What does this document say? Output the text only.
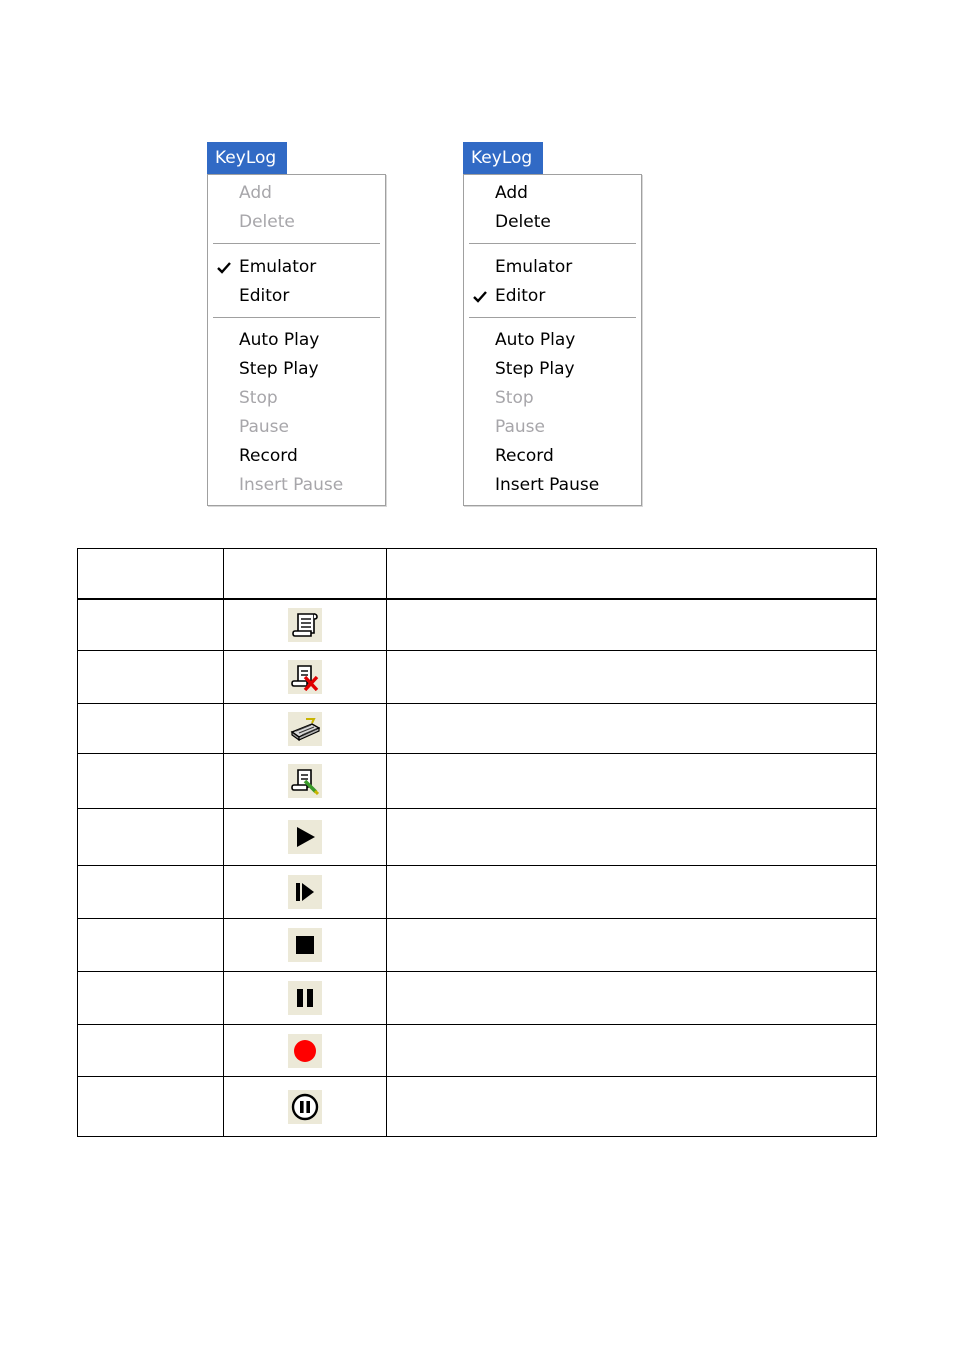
KeyLog
Add
Delete
Emulator
Editor
Auto Play
Step Play
Stop
Pause
Record
Insert Pause
KeyLog
Add
Delete
Emulator
Editor
Auto Play
Step Play
Stop
Pause
Record
Insert Pause
